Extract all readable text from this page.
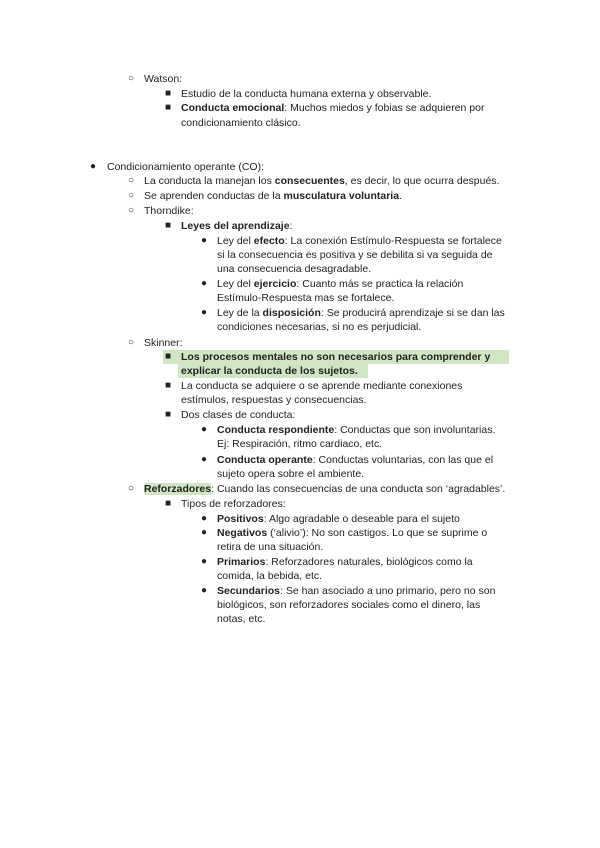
○ Watson:
■ Estudio de la conducta humana externa y observable.
■ Conducta emocional: Muchos miedos y fobias se adquieren por
condicionamiento clásico.
● Condicionamiento operante (CO):
○ La conducta la manejan los consecuentes, es decir, lo que ocurra después.
○ Se aprenden conductas de la musculatura voluntaria.
○ Thorndike:
■ Leyes del aprendizaje:
● Ley del efecto: La conexión Estímulo-Respuesta se fortalece
si la consecuencia es positiva y se debilita si va seguida de
una consecuencia desagradable.
● Ley del ejercicio: Cuanto más se practica la relación
Estímulo-Respuesta mas se fortalece.
● Ley de la disposición: Se producirá aprendizaje si se dan las
condiciones necesarias, si no es perjudicial.
○ Skinner:
■ Los procesos mentales no son necesarios para comprender y
explicar la conducta de los sujetos.
■ La conducta se adquiere o se aprende mediante conexiones
estímulos, respuestas y consecuencias.
■ Dos clases de conducta:
● Conducta respondiente: Conductas que son involuntarias.
Ej: Respiración, ritmo cardiaco, etc.
● Conducta operante: Conductas voluntarias, con las que el
sujeto opera sobre el ambiente.
○ Reforzadores: Cuando las consecuencias de una conducta son ‘agradables’.
■ Tipos de reforzadores:
● Positivos: Algo agradable o deseable para el sujeto
● Negativos (‘alivio’): No son castigos. Lo que se suprime o
retira de una situación.
● Primarios: Reforzadores naturales, biológicos como la
comida, la bebida, etc.
● Secundarios: Se han asociado a uno primario, pero no son
biológicos, son reforzadores sociales como el dinero, las
notas, etc.
